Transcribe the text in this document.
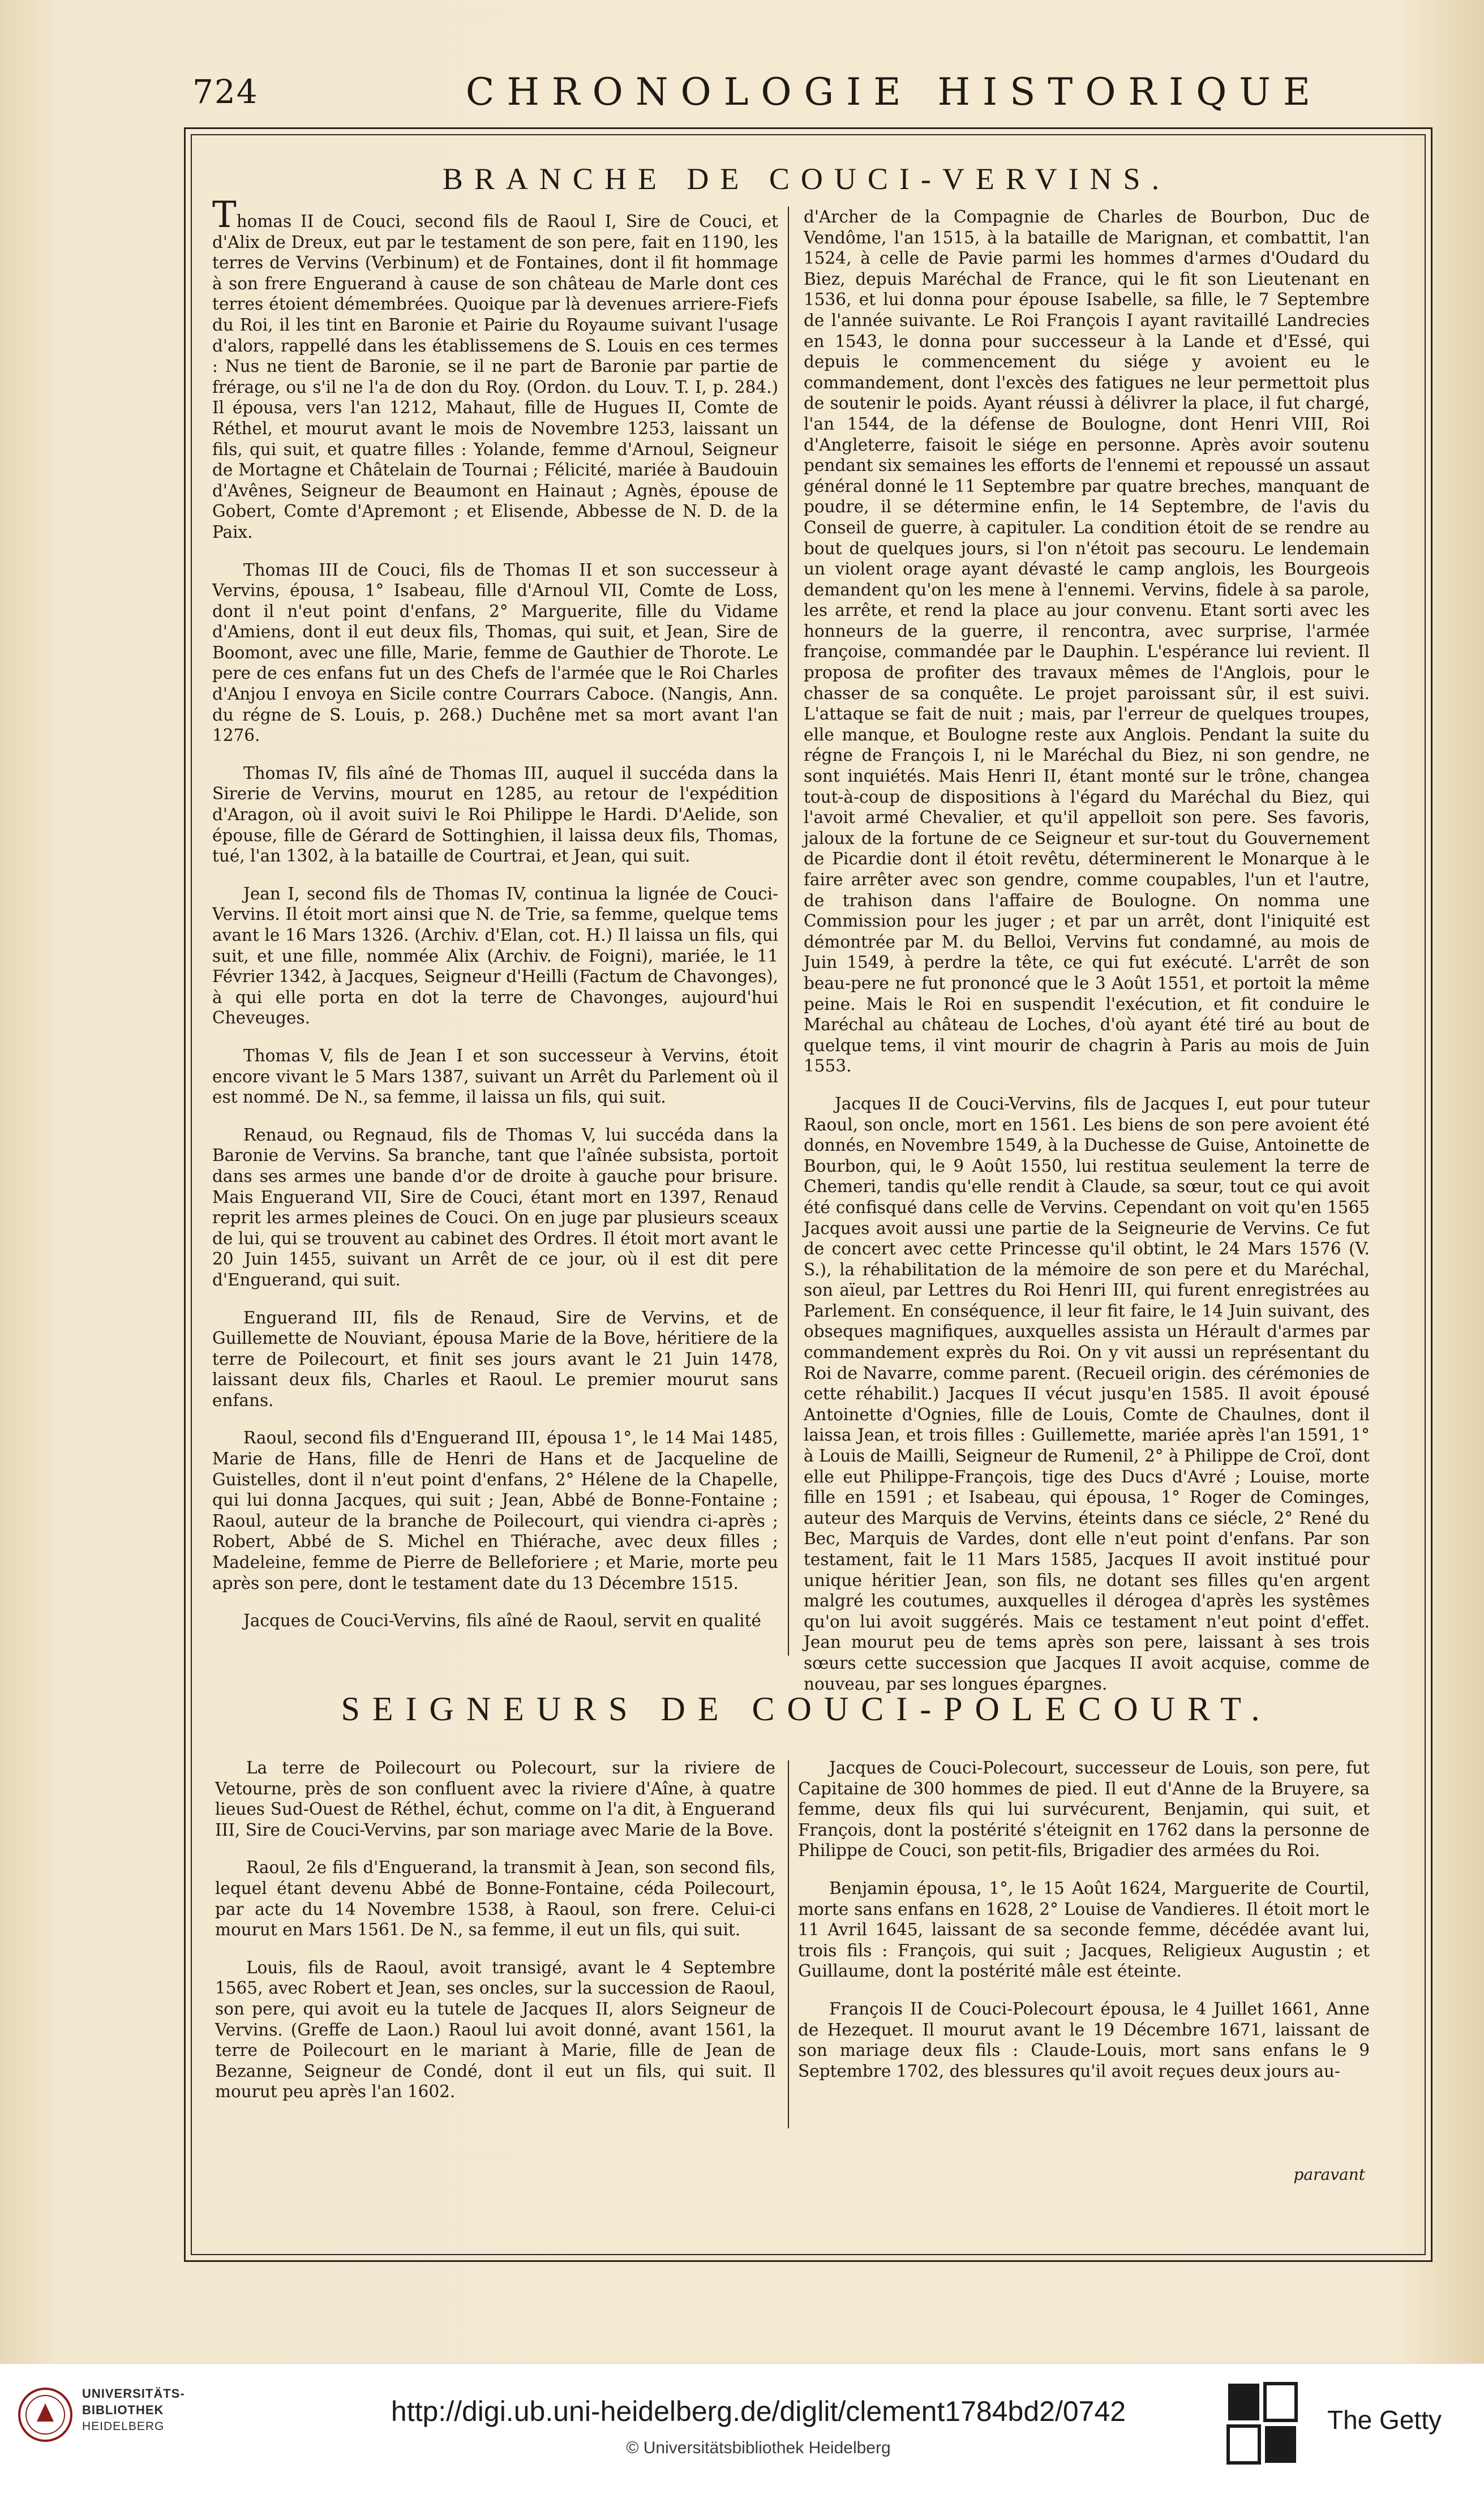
724	CHRONOLOGIE HISTORIQUE
BRANCHE DE COUCI-VERVINS.

Thomas II de Couci, second fils de Raoul I, Sire de Couci, et d'Alix de Dreux, eut par le testament de son pere, fait en 1190, les terres de Vervins (Verbinum) et de Fontaines, dont il fit hommage à son frere Enguerand à cause de son château de Marle dont ces terres étoient démembrées. Quoique par là devenues arriere-Fiefs du Roi, il les tint en Baronie et Pairie du Royaume suivant l'usage d'alors, rappellé dans les établissemens de S. Louis en ces termes : Nus ne tient de Baronie, se il ne part de Baronie par partie de frérage, ou s'il ne l'a de don du Roy. (Ordon. du Louv. T. I, p. 284.) Il épousa, vers l'an 1212, Mahaut, fille de Hugues II, Comte de Réthel, et mourut avant le mois de Novembre 1253, laissant un fils, qui suit, et quatre filles : Yolande, femme d'Arnoul, Seigneur de Mortagne et Châtelain de Tournai ; Félicité, mariée à Baudouin d'Avênes, Seigneur de Beaumont en Hainaut ; Agnès, épouse de Gobert, Comte d'Apremont ; et Elisende, Abbesse de N. D. de la Paix.

Thomas III de Couci, fils de Thomas II et son successeur à Vervins, épousa, 1° Isabeau, fille d'Arnoul VII, Comte de Loss, dont il n'eut point d'enfans, 2° Marguerite, fille du Vidame d'Amiens, dont il eut deux fils, Thomas, qui suit, et Jean, Sire de Boomont, avec une fille, Marie, femme de Gauthier de Thorote. Le pere de ces enfans fut un des Chefs de l'armée que le Roi Charles d'Anjou I envoya en Sicile contre Courrars Caboce. (Nangis, Ann. du régne de S. Louis, p. 268.) Duchêne met sa mort avant l'an 1276.

Thomas IV, fils aîné de Thomas III, auquel il succéda dans la Sirerie de Vervins, mourut en 1285, au retour de l'expédition d'Aragon, où il avoit suivi le Roi Philippe le Hardi. D'Aelide, son épouse, fille de Gérard de Sottinghien, il laissa deux fils, Thomas, tué, l'an 1302, à la bataille de Courtrai, et Jean, qui suit.

Jean I, second fils de Thomas IV, continua la lignée de Couci-Vervins. Il étoit mort ainsi que N. de Trie, sa femme, quelque tems avant le 16 Mars 1326. (Archiv. d'Elan, cot. H.) Il laissa un fils, qui suit, et une fille, nommée Alix (Archiv. de Foigni), mariée, le 11 Février 1342, à Jacques, Seigneur d'Heilli (Factum de Chavonges), à qui elle porta en dot la terre de Chavonges, aujourd'hui Cheveuges.

Thomas V, fils de Jean I et son successeur à Vervins, étoit encore vivant le 5 Mars 1387, suivant un Arrêt du Parlement où il est nommé. De N., sa femme, il laissa un fils, qui suit.

Renaud, ou Regnaud, fils de Thomas V, lui succéda dans la Baronie de Vervins. Sa branche, tant que l'aînée subsista, portoit dans ses armes une bande d'or de droite à gauche pour brisure. Mais Enguerand VII, Sire de Couci, étant mort en 1397, Renaud reprit les armes pleines de Couci. On en juge par plusieurs sceaux de lui, qui se trouvent au cabinet des Ordres. Il étoit mort avant le 20 Juin 1455, suivant un Arrêt de ce jour, où il est dit pere d'Enguerand, qui suit.

Enguerand III, fils de Renaud, Sire de Vervins, et de Guillemette de Nouviant, épousa Marie de la Bove, héritiere de la terre de Poilecourt, et finit ses jours avant le 21 Juin 1478, laissant deux fils, Charles et Raoul. Le premier mourut sans enfans.

Raoul, second fils d'Enguerand III, épousa 1°, le 14 Mai 1485, Marie de Hans, fille de Henri de Hans et de Jacqueline de Guistelles, dont il n'eut point d'enfans, 2° Hélene de la Chapelle, qui lui donna Jacques, qui suit ; Jean, Abbé de Bonne-Fontaine ; Raoul, auteur de la branche de Poilecourt, qui viendra ci-après ; Robert, Abbé de S. Michel en Thiérache, avec deux filles ; Madeleine, femme de Pierre de Belleforiere ; et Marie, morte peu après son pere, dont le testament date du 13 Décembre 1515.

Jacques de Couci-Vervins, fils aîné de Raoul, servit en qualité

d'Archer de la Compagnie de Charles de Bourbon, Duc de Vendôme, l'an 1515, à la bataille de Marignan, et combattit, l'an 1524, à celle de Pavie parmi les hommes d'armes d'Oudard du Biez, depuis Maréchal de France, qui le fit son Lieutenant en 1536, et lui donna pour épouse Isabelle, sa fille, le 7 Septembre de l'année suivante. Le Roi François I ayant ravitaillé Landrecies en 1543, le donna pour successeur à la Lande et d'Essé, qui depuis le commencement du siége y avoient eu le commandement, dont l'excès des fatigues ne leur permettoit plus de soutenir le poids. Ayant réussi à délivrer la place, il fut chargé, l'an 1544, de la défense de Boulogne, dont Henri VIII, Roi d'Angleterre, faisoit le siége en personne. Après avoir soutenu pendant six semaines les efforts de l'ennemi et repoussé un assaut général donné le 11 Septembre par quatre breches, manquant de poudre, il se détermine enfin, le 14 Septembre, de l'avis du Conseil de guerre, à capituler. La condition étoit de se rendre au bout de quelques jours, si l'on n'étoit pas secouru. Le lendemain un violent orage ayant dévasté le camp anglois, les Bourgeois demandent qu'on les mene à l'ennemi. Vervins, fidele à sa parole, les arrête, et rend la place au jour convenu. Etant sorti avec les honneurs de la guerre, il rencontra, avec surprise, l'armée françoise, commandée par le Dauphin. L'espérance lui revient. Il proposa de profiter des travaux mêmes de l'Anglois, pour le chasser de sa conquête. Le projet paroissant sûr, il est suivi. L'attaque se fait de nuit ; mais, par l'erreur de quelques troupes, elle manque, et Boulogne reste aux Anglois. Pendant la suite du régne de François I, ni le Maréchal du Biez, ni son gendre, ne sont inquiétés. Mais Henri II, étant monté sur le trône, changea tout-à-coup de dispositions à l'égard du Maréchal du Biez, qui l'avoit armé Chevalier, et qu'il appelloit son pere. Ses favoris, jaloux de la fortune de ce Seigneur et sur-tout du Gouvernement de Picardie dont il étoit revêtu, déterminerent le Monarque à le faire arrêter avec son gendre, comme coupables, l'un et l'autre, de trahison dans l'affaire de Boulogne. On nomma une Commission pour les juger ; et par un arrêt, dont l'iniquité est démontrée par M. du Belloi, Vervins fut condamné, au mois de Juin 1549, à perdre la tête, ce qui fut exécuté. L'arrêt de son beau-pere ne fut prononcé que le 3 Août 1551, et portoit la même peine. Mais le Roi en suspendit l'exécution, et fit conduire le Maréchal au château de Loches, d'où ayant été tiré au bout de quelque tems, il vint mourir de chagrin à Paris au mois de Juin 1553.

Jacques II de Couci-Vervins, fils de Jacques I, eut pour tuteur Raoul, son oncle, mort en 1561. Les biens de son pere avoient été donnés, en Novembre 1549, à la Duchesse de Guise, Antoinette de Bourbon, qui, le 9 Août 1550, lui restitua seulement la terre de Chemeri, tandis qu'elle rendit à Claude, sa sœur, tout ce qui avoit été confisqué dans celle de Vervins. Cependant on voit qu'en 1565 Jacques avoit aussi une partie de la Seigneurie de Vervins. Ce fut de concert avec cette Princesse qu'il obtint, le 24 Mars 1576 (V. S.), la réhabilitation de la mémoire de son pere et du Maréchal, son aïeul, par Lettres du Roi Henri III, qui furent enregistrées au Parlement. En conséquence, il leur fit faire, le 14 Juin suivant, des obseques magnifiques, auxquelles assista un Hérault d'armes par commandement exprès du Roi. On y vit aussi un représentant du Roi de Navarre, comme parent. (Recueil origin. des cérémonies de cette réhabilit.) Jacques II vécut jusqu'en 1585. Il avoit épousé Antoinette d'Ognies, fille de Louis, Comte de Chaulnes, dont il laissa Jean, et trois filles : Guillemette, mariée après l'an 1591, 1° à Louis de Mailli, Seigneur de Rumenil, 2° à Philippe de Croï, dont elle eut Philippe-François, tige des Ducs d'Avré ; Louise, morte fille en 1591 ; et Isabeau, qui épousa, 1° Roger de Cominges, auteur des Marquis de Vervins, éteints dans ce siécle, 2° René du Bec, Marquis de Vardes, dont elle n'eut point d'enfans. Par son testament, fait le 11 Mars 1585, Jacques II avoit institué pour unique héritier Jean, son fils, ne dotant ses filles qu'en argent malgré les coutumes, auxquelles il dérogea d'après les systêmes qu'on lui avoit suggérés. Mais ce testament n'eut point d'effet. Jean mourut peu de tems après son pere, laissant à ses trois sœurs cette succession que Jacques II avoit acquise, comme de nouveau, par ses longues épargnes.

SEIGNEURS DE COUCI-POLECOURT.

La terre de Poilecourt ou Polecourt, sur la riviere de Vetourne, près de son confluent avec la riviere d'Aîne, à quatre lieues Sud-Ouest de Réthel, échut, comme on l'a dit, à Enguerand III, Sire de Couci-Vervins, par son mariage avec Marie de la Bove.

Raoul, 2e fils d'Enguerand, la transmit à Jean, son second fils, lequel étant devenu Abbé de Bonne-Fontaine, céda Poilecourt, par acte du 14 Novembre 1538, à Raoul, son frere. Celui-ci mourut en Mars 1561. De N., sa femme, il eut un fils, qui suit.

Louis, fils de Raoul, avoit transigé, avant le 4 Septembre 1565, avec Robert et Jean, ses oncles, sur la succession de Raoul, son pere, qui avoit eu la tutele de Jacques II, alors Seigneur de Vervins. (Greffe de Laon.) Raoul lui avoit donné, avant 1561, la terre de Poilecourt en le mariant à Marie, fille de Jean de Bezanne, Seigneur de Condé, dont il eut un fils, qui suit. Il mourut peu après l'an 1602.

Jacques de Couci-Polecourt, successeur de Louis, son pere, fut Capitaine de 300 hommes de pied. Il eut d'Anne de la Bruyere, sa femme, deux fils qui lui survécurent, Benjamin, qui suit, et François, dont la postérité s'éteignit en 1762 dans la personne de Philippe de Couci, son petit-fils, Brigadier des armées du Roi.

Benjamin épousa, 1°, le 15 Août 1624, Marguerite de Courtil, morte sans enfans en 1628, 2° Louise de Vandieres. Il étoit mort le 11 Avril 1645, laissant de sa seconde femme, décédée avant lui, trois fils : François, qui suit ; Jacques, Religieux Augustin ; et Guillaume, dont la postérité mâle est éteinte.

François II de Couci-Polecourt épousa, le 4 Juillet 1661, Anne de Hezequet. Il mourut avant le 19 Décembre 1671, laissant de son mariage deux fils : Claude-Louis, mort sans enfans le 9 Septembre 1702, des blessures qu'il avoit reçues deux jours au-

paravant
UNIVERSITÄTS-
BIBLIOTHEK
HEIDELBERG	http://digi.ub.uni-heidelberg.de/diglit/clement1784bd2/0742
© Universitätsbibliothek Heidelberg
The Getty
